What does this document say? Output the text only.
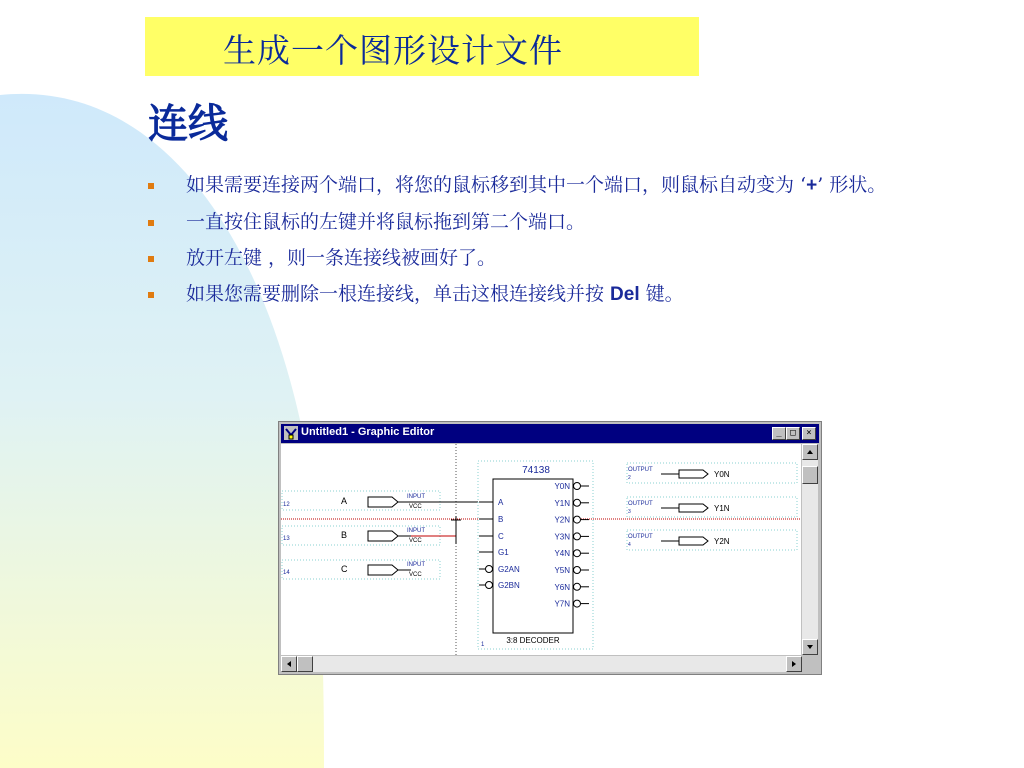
生成一个图形设计文件
连线
如果需要连接两个端口，将您的鼠标移到其中一个端口，则鼠标自动变为 ‘+’ 形状。
一直按住鼠标的左键并将鼠标拖到第二个端口。
放开左键 ，则一条连接线被画好了。
如果您需要删除一根连接线，单击这根连接线并按 Del 键。
Untitled1 - Graphic Editor	_ □	×
12	A	INPUT
VCC
13	B	INPUT
VCC
14	C	INPUT
VCC
74138
1	3:8 DECODER
A
B
C
G1
G2AN
G2BN
Y0N
Y1N
Y2N
Y3N
Y4N
Y5N
Y6N
Y7N
OUTPUT
2	Y0N
OUTPUT
3	Y1N
OUTPUT
4	Y2N
